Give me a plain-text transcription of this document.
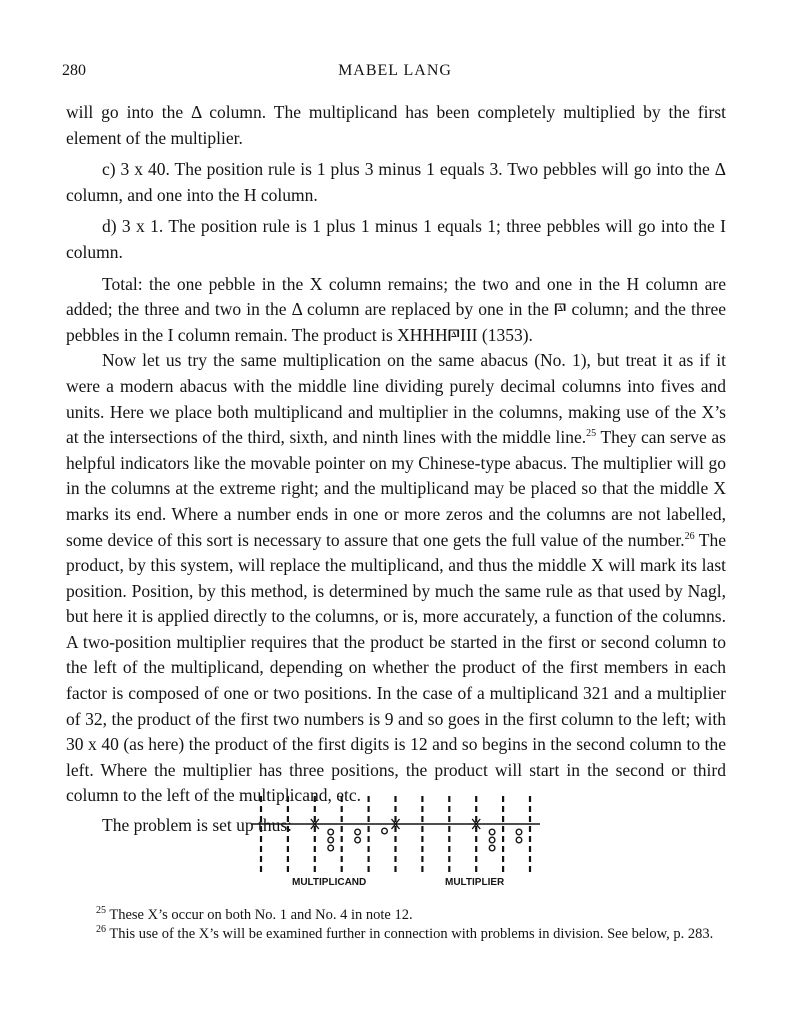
280	MABEL LANG

will go into the Δ column. The multiplicand has been completely multiplied by the first element of the multiplier.

c) 3 x 40. The position rule is 1 plus 3 minus 1 equals 3. Two pebbles will go into the Δ column, and one into the H column.

d) 3 x 1. The position rule is 1 plus 1 minus 1 equals 1; three pebbles will go into the I column.

Total: the one pebble in the X column remains; the two and one in the H column are added; the three and two in the Δ column are replaced by one in the 𐅄 column; and the three pebbles in the I column remain. The product is XHHH𐅄III (1353).

Now let us try the same multiplication on the same abacus (No. 1), but treat it as if it were a modern abacus with the middle line dividing purely decimal columns into fives and units. Here we place both multiplicand and multiplier in the columns, making use of the X’s at the intersections of the third, sixth, and ninth lines with the middle line.$^{25}$ They can serve as helpful indicators like the movable pointer on my Chinese-type abacus. The multiplier will go in the columns at the extreme right; and the multiplicand may be placed so that the middle X marks its end. Where a number ends in one or more zeros and the columns are not labelled, some device of this sort is necessary to assure that one gets the full value of the number.$^{26}$ The product, by this system, will replace the multiplicand, and thus the middle X will mark its last position. Position, by this method, is determined by much the same rule as that used by Nagl, but here it is applied directly to the columns, or is, more accurately, a function of the columns. A two-position multiplier requires that the product be started in the first or second column to the left of the multiplicand, depending on whether the product of the first members in each factor is composed of one or two positions. In the case of a multiplicand 321 and a multiplier of 32, the product of the first two numbers is 9 and so goes in the first column to the left; with 30 x 40 (as here) the product of the first digits is 12 and so begins in the second column to the left. Where the multiplier has three positions, the product will start in the second or third column to the left of the multiplicand, etc.

The problem is set up thus:

MULTIPLICAND	MULTIPLIER

$^{25}$ These X’s occur on both No. 1 and No. 4 in note 12.

$^{26}$ This use of the X’s will be examined further in connection with problems in division. See below, p. 283.
